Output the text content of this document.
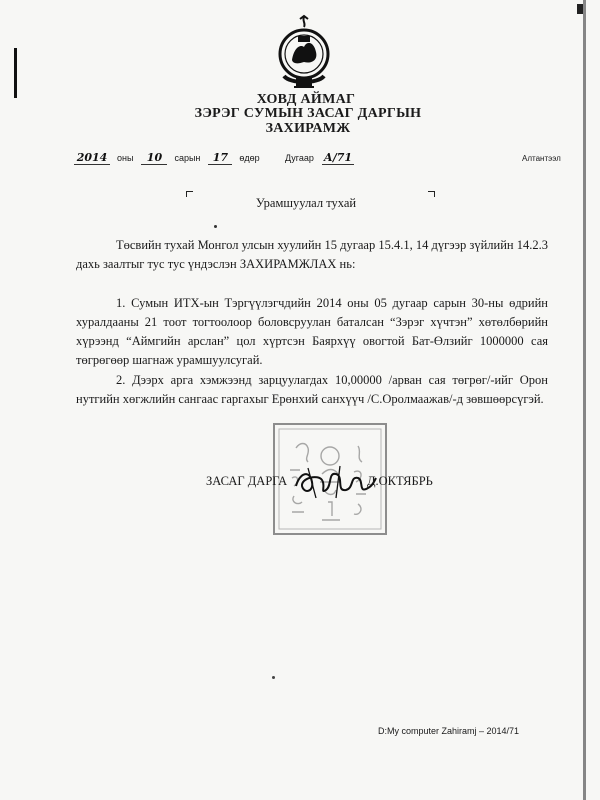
ХОВД АЙМАГ
ЗЭРЭГ СУМЫН ЗАСАГ ДАРГЫН
ЗАХИРАМЖ
2014 оны 10 сарын 17 өдөр	Дугаар А/71	Алтантээл
Урамшуулал тухай

Төсвийн тухай Монгол улсын хуулийн 15 дугаар 15.4.1, 14 дүгээр зүйлийн 14.2.3 дахь заалтыг тус тус үндэслэн ЗАХИРАМЖЛАХ нь:

1. Сумын ИТХ-ын Тэргүүлэгчдийн 2014 оны 05 дугаар сарын 30-ны өдрийн хуралдааны 21 тоот тогтоолоор боловсруулан баталсан “Зэрэг хүчтэн” хөтөлбөрийн хүрээнд “Аймгийн арслан” цол хүртсэн Баярхүү овогтой Бат-Өлзийг 1000000 сая төгрөгөөр шагнаж урамшуулсугай.

2. Дээрх арга хэмжээнд зарцуулагдах 10,00000 /арван сая төгрөг/-ийг Орон нутгийн хөгжлийн сангаас гаргахыг Ерөнхий санхүүч /С.Оролмаажав/-д зөвшөөрсүгэй.

ЗАСАГ ДАРГА	Д.ОКТЯБРЬ
D:My computer Zahiramj – 2014/71
